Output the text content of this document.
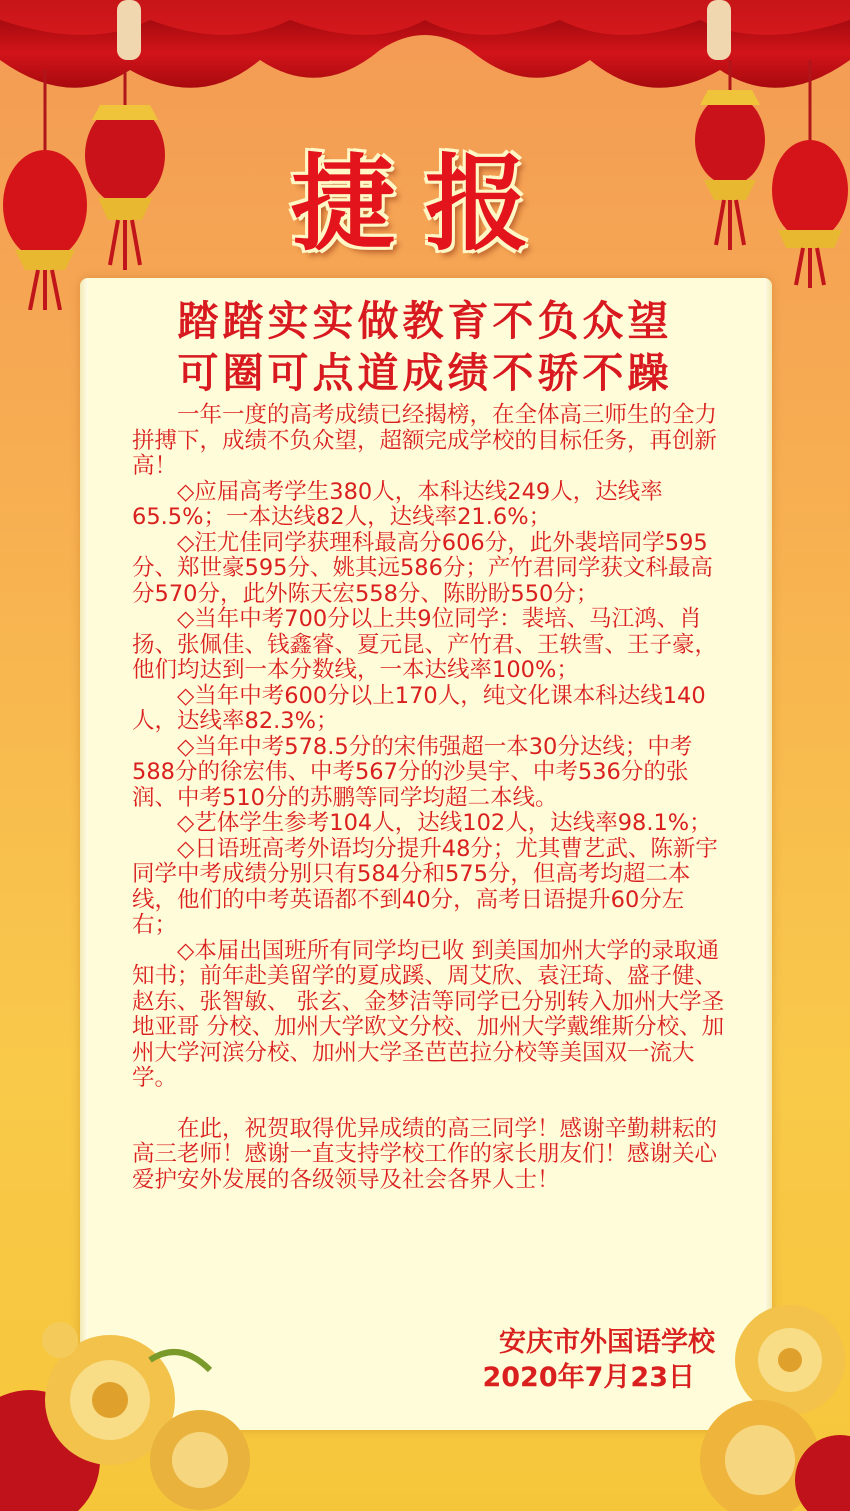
捷报
踏踏实实做教育不负众望
可圈可点道成绩不骄不躁

一年一度的高考成绩已经揭榜，在全体高三师生的全力拼搏下，成绩不负众望，超额完成学校的目标任务，再创新高！

◇应届高考学生380人，本科达线249人，达线率65.5%；一本达线82人，达线率21.6%；

◇汪尤佳同学获理科最高分606分，此外裴培同学595分、郑世豪595分、姚其远586分；产竹君同学获文科最高分570分，此外陈天宏558分、陈盼盼550分；

◇当年中考700分以上共9位同学：裴培、马江鸿、肖扬、张佩佳、钱鑫睿、夏元昆、产竹君、王轶雪、王子豪，他们均达到一本分数线，一本达线率100%；

◇当年中考600分以上170人，纯文化课本科达线140人，达线率82.3%；

◇当年中考578.5分的宋伟强超一本30分达线；中考588分的徐宏伟、中考567分的沙昊宇、中考536分的张润、中考510分的苏鹏等同学均超二本线。

◇艺体学生参考104人，达线102人，达线率98.1%；

◇日语班高考外语均分提升48分；尤其曹艺武、陈新宇同学中考成绩分别只有584分和575分，但高考均超二本线，他们的中考英语都不到40分，高考日语提升60分左右；

◇本届出国班所有同学均已收 到美国加州大学的录取通知书；前年赴美留学的夏成蹊、周艾欣、袁汪琦、盛子健、赵东、张智敏、 张玄、金梦洁等同学已分别转入加州大学圣地亚哥 分校、加州大学欧文分校、加州大学戴维斯分校、加州大学河滨分校、加州大学圣芭芭拉分校等美国双一流大学。

在此，祝贺取得优异成绩的高三同学！感谢辛勤耕耘的高三老师！感谢一直支持学校工作的家长朋友们！感谢关心爱护安外发展的各级领导及社会各界人士！

安庆市外国语学校
2020年7月23日
